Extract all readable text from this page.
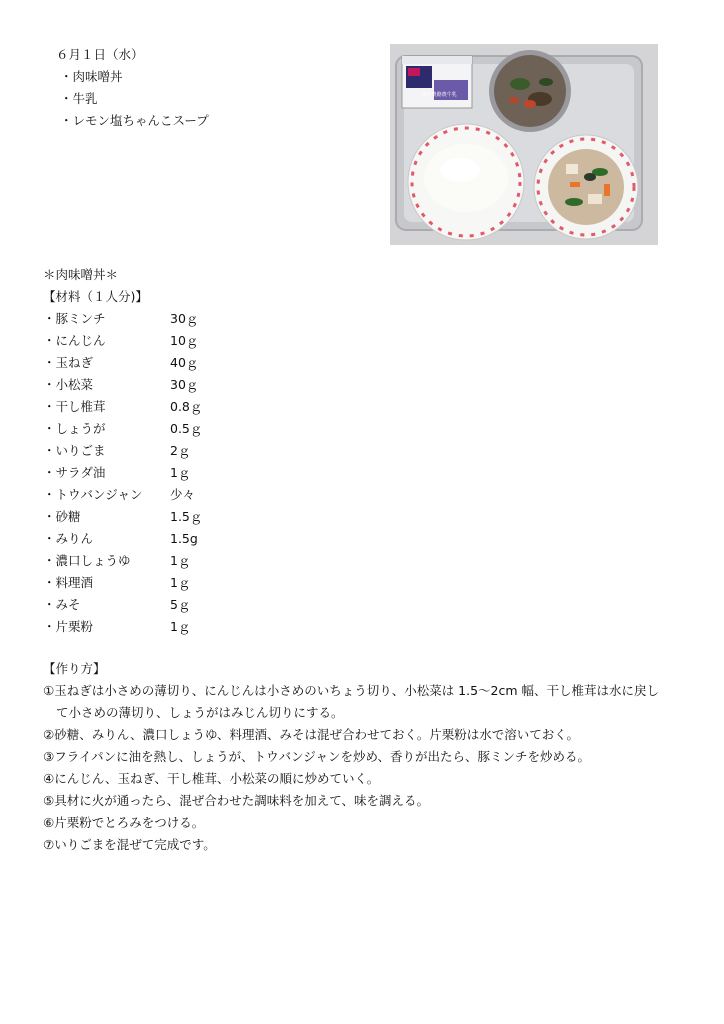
６月１日（水）
・肉味噌丼
・牛乳
・レモン塩ちゃんこスープ
JA全農酪農牛乳
＊肉味噌丼＊
【材料（１人分)】
・豚ミンチ	30ｇ
・にんじん	10ｇ
・玉ねぎ	40ｇ
・小松菜	30ｇ
・干し椎茸	0.8ｇ
・しょうが	0.5ｇ
・いりごま	2ｇ
・サラダ油	1ｇ
・トウバンジャン	少々
・砂糖	1.5ｇ
・みりん	1.5g
・濃口しょうゆ	1ｇ
・料理酒	1ｇ
・みそ	5ｇ
・片栗粉	1ｇ
【作り方】
①玉ねぎは小さめの薄切り、にんじんは小さめのいちょう切り、小松菜は 1.5～2cm 幅、干し椎茸は水に戻し
て小さめの薄切り、しょうがはみじん切りにする。
②砂糖、みりん、濃口しょうゆ、料理酒、みそは混ぜ合わせておく。片栗粉は水で溶いておく。
③フライパンに油を熱し、しょうが、トウバンジャンを炒め、香りが出たら、豚ミンチを炒める。
④にんじん、玉ねぎ、干し椎茸、小松菜の順に炒めていく。
⑤具材に火が通ったら、混ぜ合わせた調味料を加えて、味を調える。
⑥片栗粉でとろみをつける。
⑦いりごまを混ぜて完成です。
